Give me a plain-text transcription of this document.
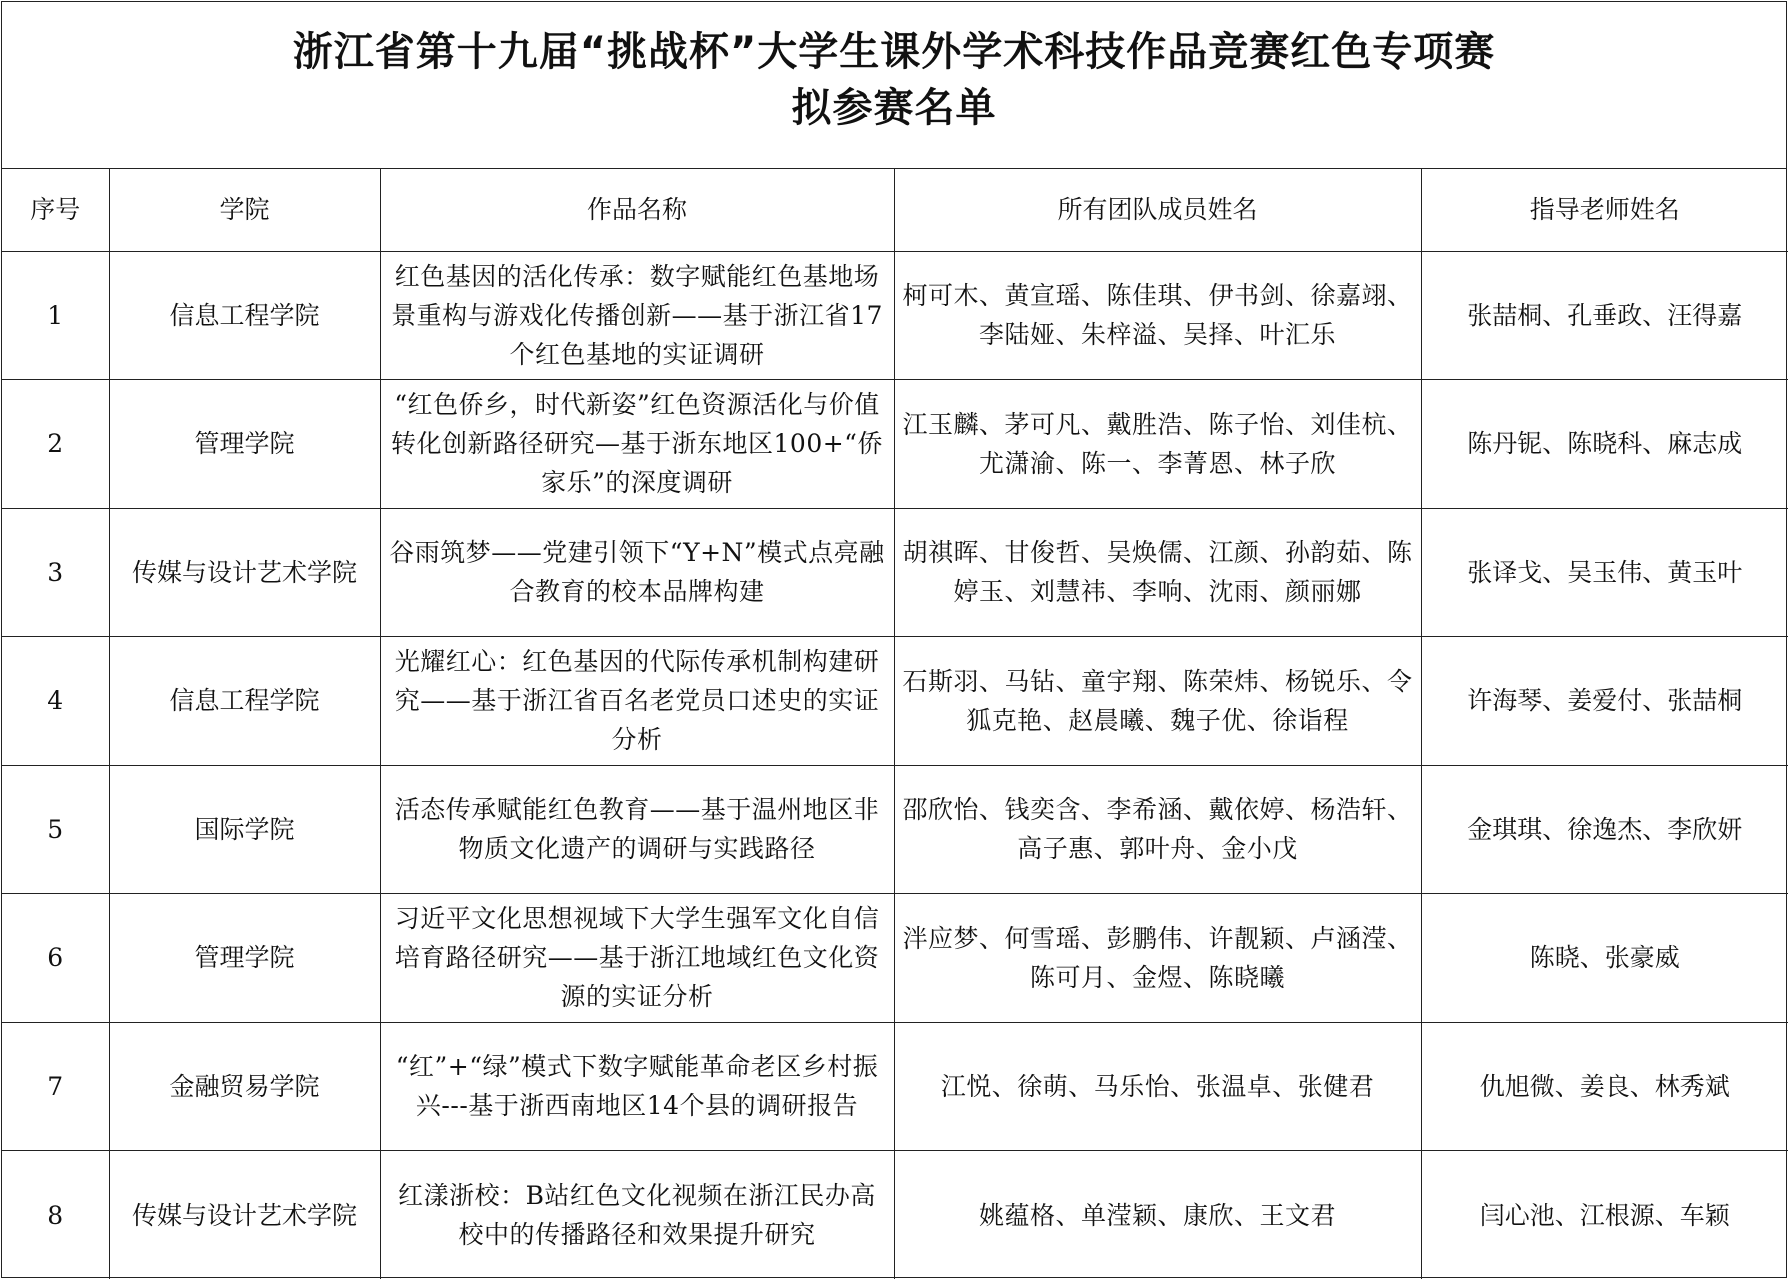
浙江省第十九届“挑战杯”大学生课外学术科技作品竞赛红色专项赛
拟参赛名单
序号	学院	作品名称	所有团队成员姓名	指导老师姓名
1	信息工程学院	红色基因的活化传承：数字赋能红色基地场景重构与游戏化传播创新——基于浙江省17个红色基地的实证调研	柯可木、黄宣瑶、陈佳琪、伊书剑、徐嘉翊、李陆娅、朱梓溢、吴择、叶汇乐	张喆桐、孔垂政、汪得嘉
2	管理学院	“红色侨乡，时代新姿”红色资源活化与价值转化创新路径研究—基于浙东地区100+“侨家乐”的深度调研	江玉麟、茅可凡、戴胜浩、陈子怡、刘佳杭、尤潇渝、陈一、李菁恩、林子欣	陈丹铌、陈晓科、麻志成
3	传媒与设计艺术学院	谷雨筑梦——党建引领下“Y+N”模式点亮融合教育的校本品牌构建	胡祺晖、甘俊哲、吴焕儒、江颜、孙韵茹、陈婷玉、刘慧祎、李响、沈雨、颜丽娜	张译戈、吴玉伟、黄玉叶
4	信息工程学院	光耀红心：红色基因的代际传承机制构建研究——基于浙江省百名老党员口述史的实证分析	石斯羽、马钻、童宇翔、陈荣炜、杨锐乐、令狐克艳、赵晨曦、魏子优、徐诣程	许海琴、姜爱付、张喆桐
5	国际学院	活态传承赋能红色教育——基于温州地区非物质文化遗产的调研与实践路径	邵欣怡、钱奕含、李希涵、戴依婷、杨浩轩、高子惠、郭叶舟、金小戊	金琪琪、徐逸杰、李欣妍
6	管理学院	习近平文化思想视域下大学生强军文化自信培育路径研究——基于浙江地域红色文化资源的实证分析	泮应梦、何雪瑶、彭鹏伟、许靓颖、卢涵滢、陈可月、金煜、陈晓曦	陈晓、张豪威
7	金融贸易学院	“红”+“绿”模式下数字赋能革命老区乡村振兴---基于浙西南地区14个县的调研报告	江悦、徐萌、马乐怡、张温卓、张健君	仇旭微、姜良、林秀斌
8	传媒与设计艺术学院	红漾浙校：B站红色文化视频在浙江民办高校中的传播路径和效果提升研究	姚蕴格、单滢颖、康欣、王文君	闫心池、江根源、车颖
